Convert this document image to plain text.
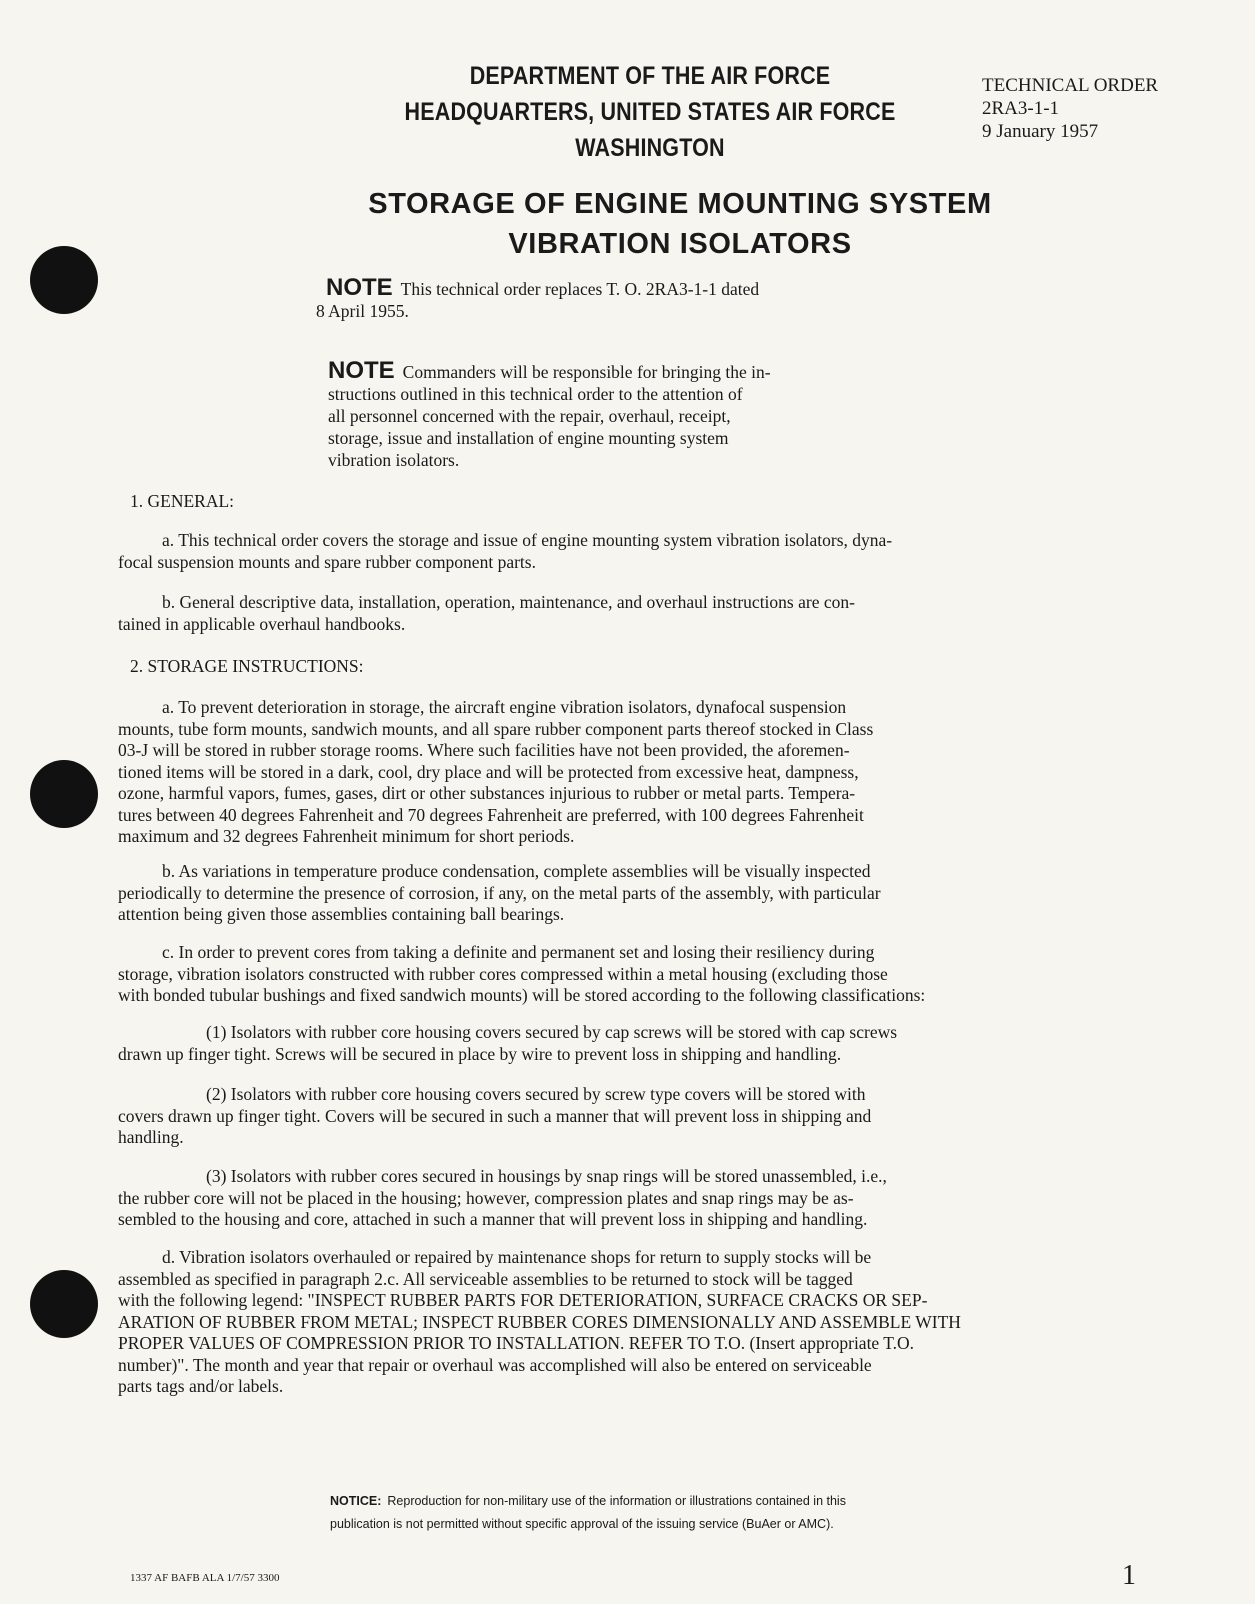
DEPARTMENT OF THE AIR FORCE
HEADQUARTERS, UNITED STATES AIR FORCE
WASHINGTON
TECHNICAL ORDER
2RA3-1-1
9 January 1957
STORAGE OF ENGINE MOUNTING SYSTEM
VIBRATION ISOLATORS
NOTE This technical order replaces T. O. 2RA3-1-1 dated
8 April 1955.
NOTE Commanders will be responsible for bringing the in-
structions outlined in this technical order to the attention of
all personnel concerned with the repair, overhaul, receipt,
storage, issue and installation of engine mounting system
vibration isolators.
1. GENERAL:
a. This technical order covers the storage and issue of engine mounting system vibration isolators, dyna-
focal suspension mounts and spare rubber component parts.
b. General descriptive data, installation, operation, maintenance, and overhaul instructions are con-
tained in applicable overhaul handbooks.
2. STORAGE INSTRUCTIONS:
a. To prevent deterioration in storage, the aircraft engine vibration isolators, dynafocal suspension
mounts, tube form mounts, sandwich mounts, and all spare rubber component parts thereof stocked in Class
03-J will be stored in rubber storage rooms. Where such facilities have not been provided, the aforemen-
tioned items will be stored in a dark, cool, dry place and will be protected from excessive heat, dampness,
ozone, harmful vapors, fumes, gases, dirt or other substances injurious to rubber or metal parts. Tempera-
tures between 40 degrees Fahrenheit and 70 degrees Fahrenheit are preferred, with 100 degrees Fahrenheit
maximum and 32 degrees Fahrenheit minimum for short periods.
b. As variations in temperature produce condensation, complete assemblies will be visually inspected
periodically to determine the presence of corrosion, if any, on the metal parts of the assembly, with particular
attention being given those assemblies containing ball bearings.
c. In order to prevent cores from taking a definite and permanent set and losing their resiliency during
storage, vibration isolators constructed with rubber cores compressed within a metal housing (excluding those
with bonded tubular bushings and fixed sandwich mounts) will be stored according to the following classifications:
(1) Isolators with rubber core housing covers secured by cap screws will be stored with cap screws
drawn up finger tight. Screws will be secured in place by wire to prevent loss in shipping and handling.
(2) Isolators with rubber core housing covers secured by screw type covers will be stored with
covers drawn up finger tight. Covers will be secured in such a manner that will prevent loss in shipping and
handling.
(3) Isolators with rubber cores secured in housings by snap rings will be stored unassembled, i.e.,
the rubber core will not be placed in the housing; however, compression plates and snap rings may be as-
sembled to the housing and core, attached in such a manner that will prevent loss in shipping and handling.
d. Vibration isolators overhauled or repaired by maintenance shops for return to supply stocks will be
assembled as specified in paragraph 2.c. All serviceable assemblies to be returned to stock will be tagged
with the following legend: "INSPECT RUBBER PARTS FOR DETERIORATION, SURFACE CRACKS OR SEP-
ARATION OF RUBBER FROM METAL; INSPECT RUBBER CORES DIMENSIONALLY AND ASSEMBLE WITH
PROPER VALUES OF COMPRESSION PRIOR TO INSTALLATION. REFER TO T.O. (Insert appropriate T.O.
number)". The month and year that repair or overhaul was accomplished will also be entered on serviceable
parts tags and/or labels.
NOTICE: Reproduction for non-military use of the information or illustrations contained in this
publication is not permitted without specific approval of the issuing service (BuAer or AMC).
1337 AF BAFB ALA 1/7/57 3300	1
